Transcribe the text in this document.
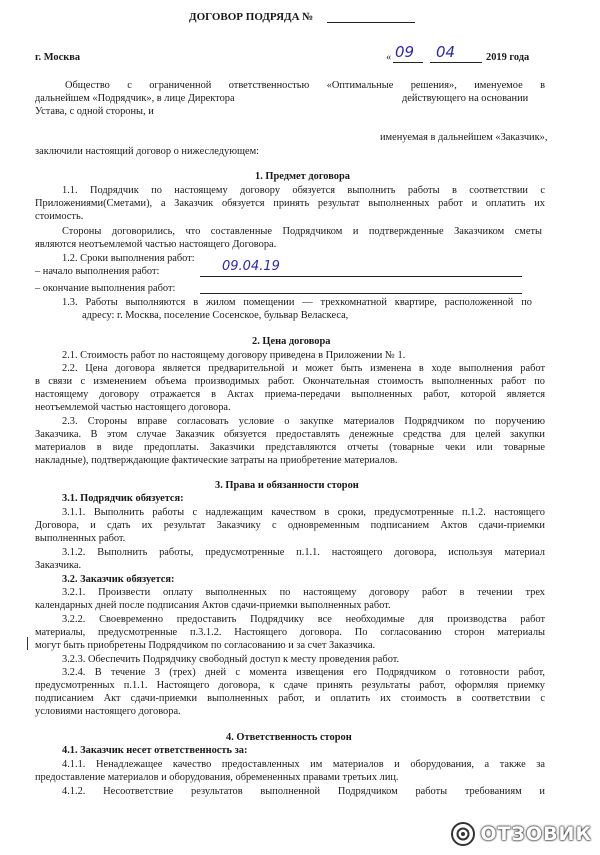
ДОГОВОР ПОДРЯДА №
г. Москва	« 09 04	2019 года
Общество с ограниченной ответственностью «Оптимальные решения», именуемое в
дальнейшем «Подрядчик», в лице Директора	действующего на основании
Устава, с одной стороны, и
именуемая в дальнейшем «Заказчик»,
заключили настоящий договор о нижеследующем:
1. Предмет договора
1.1. Подрядчик по настоящему договору обязуется выполнить работы в соответствии с
Приложениями(Сметами), а Заказчик обязуется принять результат выполненных работ и оплатить их
стоимость.
Стороны договорились, что составленные Подрядчиком и подтвержденные Заказчиком сметы
являются неотъемлемой частью настоящего Договора.
1.2. Сроки выполнения работ:
– начало выполнения работ:	09.04.19
– окончание выполнения работ:
1.3. Работы выполняются в жилом помещении — трехкомнатной квартире, расположенной по
адресу: г. Москва, поселение Сосенское, бульвар Веласкеса,
2. Цена договора
2.1. Стоимость работ по настоящему договору приведена в Приложении № 1.
2.2. Цена договора является предварительной и может быть изменена в ходе выполнения работ
в связи с изменением объема производимых работ. Окончательная стоимость выполненных работ по
настоящему договору отражается в Актах приема-передачи выполненных работ, которой является
неотъемлемой частью настоящего договора.
2.3. Стороны вправе согласовать условие о закупке материалов Подрядчиком по поручению
Заказчика. В этом случае Заказчик обязуется предоставлять денежные средства для целей закупки
материалов в виде предоплаты. Заказчики представляются отчеты (товарные чеки или товарные
накладные), подтверждающие фактические затраты на приобретение материалов.
3. Права и обязанности сторон
3.1. Подрядчик обязуется:
3.1.1. Выполнить работы с надлежащим качеством в сроки, предусмотренные п.1.2. настоящего
Договора, и сдать их результат Заказчику с одновременным подписанием Актов сдачи-приемки
выполненных работ.
3.1.2. Выполнить работы, предусмотренные п.1.1. настоящего договора, используя материал
Заказчика.
3.2. Заказчик обязуется:
3.2.1. Произвести оплату выполненных по настоящему договору работ в течении трех
календарных дней после подписания Актов сдачи-приемки выполненных работ.
3.2.2. Своевременно предоставить Подрядчику все необходимые для производства работ
материалы, предусмотренные п.3.1.2. Настоящего договора. По согласованию сторон материалы
могут быть приобретены Подрядчиком по согласованию и за счет Заказчика.
3.2.3. Обеспечить Подрядчику свободный доступ к месту проведения работ.
3.2.4. В течение 3 (трех) дней с момента извещения его Подрядчиком о готовности работ,
предусмотренных п.1.1. Настоящего договора, к сдаче принять результаты работ, оформляя приемку
подписанием Акт сдачи-приемки выполненных работ, и оплатить их стоимость в соответствии с
условиями настоящего договора.
4. Ответственность сторон
4.1. Заказчик несет ответственность за:
4.1.1. Ненадлежащее качество предоставленных им материалов и оборудования, а также за
предоставление материалов и оборудования, обремененных правами третьих лиц.
4.1.2. Несоответствие результатов выполненной Подрядчиком работы требованиям и
ОТЗОВИК
